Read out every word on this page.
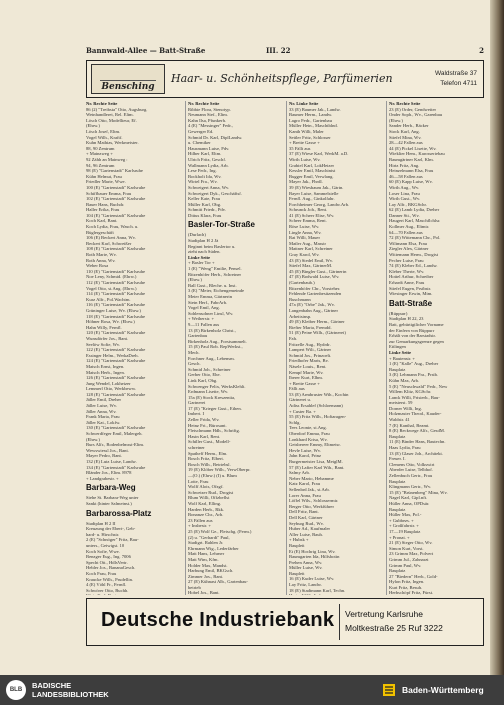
Bannwald-Allee — Batt-Straße	III. 22	2
Bensching
Haar- u. Schönheitspflege, Parfümerien	Waldstraße 37
Telefon 4711
Nr. Rechte Seite
86 (2) "Treibsta" Otto, Augsburg.
Weinhandlerei, Rel. Eltm.
Lösch Otto, Modellieur, Ef.
(Ehrw.)
Lösch Josef, Eltm.
Vogel Wilh., Kraftf.
Kuhn Mathias, Werkmeister.
88, 90 Zentrum
+ Mainzweg +
92 Zähh an Mainweg :
94, 96 Zentrum
98 (E) "Gartenstadt" Karlsruhe
Kühn Helmut, Frau
Friedler Marie, Wwe.
100 (E) "Gartenstadt" Karlsruhe
Schiffbauer Emma, Frau
102 (E) "Gartenstadt" Karlsruhe
Bauer Hans, Buchdr.
Haller Erika, Frau
104 (E) "Gartenstadt" Karlsruhe
Koch Karl, Bant.
Koch Lydia, Frau, Wasch. u.
Büglergeschäft
106 (E) Beckert Anna, Wv.
Beckert Karl, Schweißer
108 (E) "Gartenstadt" Karlsruhe
Roth Marie, Wv.
Roth Anna, Wv.
Weber Rosa
110 (E) "Gartenstadt" Karlsruhe
Noe Leny, Schmid. (Ehrw.)
112 (E) "Gartenstadt" Karlsruhe
Vogel Otto, st.Ang. (Ehrw.)
114 (E) "Gartenstadt" Karlsruhe
Kurz Alfr., Pol.Wachtm.
116 (E) "Gartenstadt" Karlsruhe
Grüninger Luise, Wv. (Ehrw.)
118 (E) "Gartenstadt" Karlsruhe
Höhner Rosa, Wv. (Ehrw.)
Hahn Willy, Fernfl.
120 (E) "Gartenstadt" Karlsruhe
Wunsdörfer Jos., Bant.
Seelöw Sofie, Wv.
122 (E) "Gartenstadt" Karlsruhe
Essinger Helm., WerkaDreh.
124 (E) "Gartenstadt" Karlsruhe
Maisch Ernst, Ingen.
Maisch Herb., Ingen.
126 (E) "Gartenstadt" Karlsruhe
Jung Wendel, Lokheizer
Lemmerl Otto, Werkbeww.
128 (E) "Gartenstadt" Karlsruhe
Jäller Emil, Dreher
Jäller Luise, Wv.
Jäller Anna, Wv.
Frank Maria, Frau
Jäller Kat., Lokfw.
130 (E) "Gartenstadt" Karlsruhe
Schwerdfeger Emil, Malergeh.
(Ehrw.)
Burs Alfr., Bodenbelmsst-Eltm.
Wewswiessl Jos., Bant.
Mayer Pedro, Bant.
132 (E) Lutz Luise, Landw.
134 (E) "Gartenstadt" Karlsruhe
Bländer Jos., Eltm. 8978
+ Landgrabestr. +
Barbara-Weg
Siehe St. Barbara-Weg unter
Sankt (hinter Salmeinst.)
Barbarossa-Platz
Stadtplan H 2 II
Kreuzung der Ebert-, Geb-
hard- u. Hirschstr.
2 (E) "Schnöger" Fritz, Bau-
unters., Geiwigst. 10
Koch Sofie, Wwe.
Benzger Eug., Ing. 7006
Specht Ott., HdlsVertr.
Hebler Jos., BananaGesch.
Koch Frau, Frau
Kraucke Wilh., Prudellin.
4 (E) Vöhl Fr., Fernfl.
Schwörer Otto, Buchh.
Nr. Rechte Seite
Ribbie Flora, Stenotyp.
Neumann Stef., Eltm.
Kahn Ilsa, Pfunkerh.
4 (E) "Messinger" Fedr.,
Gewerger Ed.
Schmid Dr. Karl, DiplLandw.
u. Chemiker
Hausmann Luise, Pdv.
Hilber Karl, Eltm.
Ulrich Fritz, Geschf.
Wallmann Lydia, Arb.
Lese Fedr., Ing.
Bockholt Ida, Wv.
Wirtel Fra., Wv.
Schweigert Anna, Wv.
Schweigert Dyk., Geschäftsf.
Keller Kate, Frau
Müller Karl, Obg.
Schmitt Friedr., Pdv.
Dittus Klara, Frau
Basler-Tor-Straße
(Durlach)
Stadtplan H 2 Jä
Beginnt beim Baslertor u.
zieht nach Süden.
Linke Seite
+ Basler Tor +
1 (E) "Weng" Emilie, Pensel.
Ritzenhöfer Herb., Schreiner
(Ehrw.)
Ball Gust., Bleche. u. Inst.
3 (E) "Meier, Eichengemeinde
Meier Emma, Gärtnerin
Stein Herf., FabrArb.
Vogel Emil, Ang.
Sohlensohner Linsl, Wv.
+ Weiherstr. +
9—11 Fallen aus
13 (E) Birkenholz Christ.,
Gartenbau
Birkenholz Aug., Forstsammelt.
15 (E) Paul Rob. RepWerkst.,
Mech.
Forchner Aug., Lebensm.
Gesch.
Schmid Joh., Schreiner
Gerber Otto, Ehe.
Link Karl, Obg.
Schwenger Felix, WerksKlehlt.
Erdmann Lisette, Wv.
15a (E) Stock Kreszentia,
Gartnerei
17 (E) "Krieger Gust., Ethen.
Imbert. I
Zeller Frida, Wv.
Heinz Fri., Bürosant.
Fleischmann Hdh., Schriftg.
Hasin Karl, Rent.
Schiller Gust., Modell-
schreiner
Spatheff Herm., Elm.
Bosch Fritz, Elbert.
Bosch Wilh., Betriebsl.
19 (E) Klöber Wilh., VerwOberpr.
—(O.) (Ehrw.) (I) u. Blum
Lotte, Frau
Wolff Alois, Ofzgf.
Schweizer Rud., Drogist
Blum Willi, Offzbeflst
Wolf Karl, Elling.
Harden Herb., Rkk.
Bonanze Chr., Arb.
23 Fällen aus
+ Insbestr. +
25 (E) Wolf Ge., Fleischg. (Ferm.)
(2) u. "Gerhardt" Paul,
Stadtgrt. Rahlen Jr.
Ehrmann Wig., Lederfärber
Matt Hans, Lehrner
Matt Wim, Kfm.
Holder Max, Mandst.
Harbung Emil, BKGsch.
Zimmer Jos., Bant.
27 (E) Kühnast Alb., Gartenbau-
betrieb
Hobel Jos., Bant.
Nr. Linke Seite
33 (E) Baumer Jak., Landw.
Baumer Herm., Landw.
Lagro Fedr., Gartenbau
Müller Hein., Maschtblnd.
Kanth Willi, Maler
Settler Fritz, Schlosser
+ Breite Gasse +
35 Fällt aus
37 (E) Wiese Karl, WerkM. a.D.
Wirth Luise, Wv.
Grabiel Karl, LokHeizer
Kessler Emil, Maschinist
Bugger Emil, Verwlang.
Mayer Jak., Fhrdl.
39 (E) Wiesbaum Jak., Gärtn.
Bayer Luise, Sammelstelle
Fernfl. Aug., Ginkolfahr.
Forchheimer Georg, Landw.Arb.
Schrunck Joh., Rent.
41 (E) Scheer Elise, Wv.
Scheer Emma, Rent.
Röse Luise, Wv.
Lingle Anna, Wv.
Rai Willi, Mauer
Mailer Aug., Masstr
Mattner Karl, Schreiner
Gray Karol, Wv.
43 (E) Siedel Emil, Wv.
Stiefel Max, GärtnerM.
45 (E) Bingler Gust., Gärtnerin
47 (E) Bodwald Luise, Wv.
(Gartenbaub.)
Ritzenhöfer Chr., Vorsteher.
Fehlende Gartenbesitzenden
Buschmann
47a (E) "Orbe" Jak., Wv.
Langenbahn Aug., Gärtner
Arbeitsinsp.
49 (E) Kleiber Herm., Gärtner
Riefter Maria, Fremdd.
51 (E) Peine Wilh., (Gärtnerei)
Fah.
Fritzelle Aug., Hydrdr.
Lampert Wili., Gärtner
Schmid Jos., Prinzoelt.
Friedhofer Maris, Bv.
Näsele Louis., Rent.
Kempf Marie, Wv.
Iberer Kurt, Elbm.
+ Breite Gasse +
Fällt aus
53 (E) Armbruster Wih., Kochin
Gärtnerei u.
Adiss Ersahlef (Schloemann)
+ Custer Ba. +
55 (E) Fritz Wilh., Hoftaragen-
Schlg.
Tees Leonie, st.Ang.
Oberdorf Emma, Frau
Lonkhard Krisa, Wv.
Geisbereer Emmy, Eltmeisr.
Hevle Luise, Wv.
Jahn Karol, Prinz
Burgermeister Lisa, MetglM.
57 (E) Lafier Karl Wih., Bant.
Salmy Arb.
Neber Mario, Hebamme
Katz Karol, Frau
Sellenbrd Jak., st.Arb.
Lorer Anna, Frau
Löffel Wils., Schlossermtr.
Berger Otto, Werkführer
Dell Fritz, Bant.
Dell Karl, Gärtner
Seyburg Rud., Wv.
Huber Ad., Kaufmaler
Aller Luise, Bauh.
+ Hubsk +
Baupleit
Et (E) Hochrig Lina, Wv.
Baumgarten Ida, Hilfsbotin
Prehen Anna, Wv.
Müller Luise, Wv.
Baupleit
16 (E) Kuder Luise, Wv.
Lay Fritz, Landw.
18 (E) Stadtmann Karl, Techn.
Nr. Rechte Seite
23 (E) Order, Gendweiter
Onder Soph., Wv., Garenbau
(Ehrw.)
Sander Herb., Bäcker
Stock Karl, Ang.
Stiefel Mina, Wv.
28—42 Fallen aus
44 (E) Pickel Lisette, Wv.
Wieklier Hem., Karosseriebau
Baumgärtner Karl, Klm.
Hirtz Fritz, Ang.
Heinzelmann Elsa, Frau
46—58 Fallen aus
60 (E) Kapp Luise, Wv.
Wirth Aug., Wv.
Loser Lina, Frau
Wirth Gust., Wv.
Lay Alfr., BKGSchr.
62 (E) Lamb Lydia, Dreher
Danner Sti., Wv.
Haugert Karl, Maschflchlsr.
Kollmer Aug., Eltmtr.
64—70 Fallen aus
72 (E) Wittemann Chr., Pol.
Wiltmann Elsa, Frau
Ziegler Alex, Gärtner
Wittemann Herm., Drogist
Pecher Luise, Frau
74 (E) Kleber Ed., Landw.
Kleber Therie, Wv.
Hottel Arthur, Schreiber
Erhardt Anne, Frau
Stiefel Eugen, Prstbstr.
Wiesinger Erwin, Mtm.
Batt-Straße
(Rüppurr)
Stadtplan H 22, 23
Batt, gebürtigtlicher Vorname
der Einfern von Rüppurr
Erhält von der Barstadstr.
zur Gemarkungsgrenze gegen
Ettlingen
Linke Seite
+ Bautenstr. +
1 (E) "Kalle" Aug., Dreher
Bauplatz
3 (E) Lehmann Fra., Prstb.
Kühn Max, Arb.
5 (E) "Neuschwald" Fedr., New
Willem Klitz, KGSchr.
Lanck Willi, Frisierb., Bau-
meisterst. 59
Dorner Willi, Ing.
Holzmaster Theod., Kauder-
Waldstr. 41
7 (E) Kanthal, Beamt.
8 (E) Reckwege Alfr., GesdM.
Bauplatz
11 (E) Binder Hans, Bautechn.
Haas Lydia, Frau
13 (E) Glaser Joh., Architekt.
Freuer. I.
Clemens Otto, Volkswirt
Aberder Luise, Telbhof.
Zellenbuch Gertr., Frau
Bauplatz
Klingmann Gertr., Wv.
15 (E) "Brünenberg" Mina, Wv.
Nagel Karl, Gipl.nft.
Hüller Anna, OPDsär.
Bauplatz
Hüller Max, Pol.-
+ Gubbezs. +
+ Großfahrstr. +
17—19 Bauplatz
+ Pronat. +
21 (E) Sieger Otto, Wv.
Simon Kurt, Vorst.
23 Grimm Max, Polvert
Grimm Jul., Zahnarzt
Grimm Paul, Wv.
Bauplatz
27 "Biedern" Herb., Gold-
Hylon Fritz, Ingen.
Kurt Fritz, Besuh.
Herbschöpf Fritz, Fürst.
Deutsche Industriebank Vertretung Karlsruhe
Moltkestraße 25 Ruf 3222
BLB	BADISCHE
LANDESBIBLIOTHEK	Baden-Württemberg
